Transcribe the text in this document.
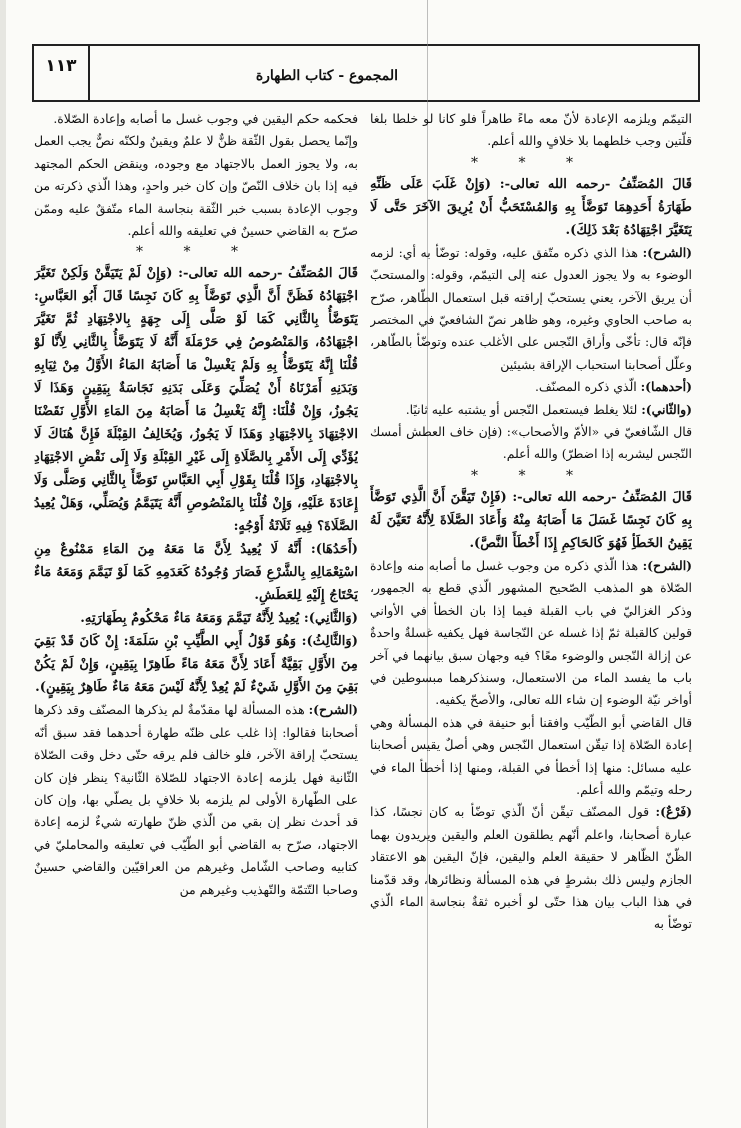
١١٣	المجموع - كتاب الطهارة

التيمّم ويلزمه الإعادة لأنّ معه ماءً طاهراً فلو كانا لو خلطا بلغا قلّتين وجب خلطهما بلا خلافٍ والله أعلم.

* * *

قَالَ المُصَنِّفُ -رحمه الله تعالى-: (وَإِنْ غَلَبَ عَلَى ظَنِّهِ طَهَارَةُ أَحَدِهِمَا تَوَضَّأَ بِهِ وَالمُسْتَحَبُّ أَنْ يُرِيقَ الآخَرَ حَتَّى لَا يَتَغَيَّرَ اجْتِهَادُهُ بَعْدَ ذَلِكَ).

(الشرح): هذا الذي ذكره متّفق عليه، وقوله: توضّأ به أي: لزمه الوضوء به ولا يجوز العدول عنه إلى التيمّم، وقوله: والمستحبّ أن يريق الآخر، يعني يستحبّ إراقته قبل استعمال الطّاهر، صرّح به صاحب الحاوي وغيره، وهو ظاهر نصّ الشافعيّ في المختصر فإنّه قال: تأخّى وأراق النّجس على الأغلب عنده وتوضّأ بالطّاهر، وعلّل أصحابنا استحباب الإراقة بشيئين

(أحدهما): الّذي ذكره المصنّف.

(والثّاني): لئلا يغلط فيستعمل النّجس أو يشتبه عليه ثانيًا.

قال الشّافعيّ في «الأمّ والأصحاب»: (فإن خاف العطش أمسك النّجس ليشربه إذا اضطرّ) والله أعلم.

* * *

قَالَ المُصَنِّفُ -رحمه الله تعالى-: (فَإِنْ تَيَقَّنَ أَنَّ الَّذِي تَوَضَّأَ بِهِ كَانَ نَجِسًا غَسَلَ مَا أَصَابَهُ مِنْهُ وَأَعَادَ الصَّلَاةَ لِأَنَّهُ تَعَيَّنَ لَهُ يَقِينُ الخَطَأِ فَهُوَ كَالحَاكِمِ إِذَا أَخْطَأَ النَّصَّ).

(الشرح): هذا الّذي ذكره من وجوب غسل ما أصابه منه وإعادة الصّلاة هو المذهب الصّحيح المشهور الّذي قطع به الجمهور، وذكر الغزاليّ في باب القبلة فيما إذا بان الخطأ في الأواني قولين كالقبلة ثمّ إذا غسله عن النّجاسة فهل يكفيه غسلةٌ واحدةٌ عن إزالة النّجس والوضوء معًا؟ فيه وجهان سبق بيانهما في آخر باب ما يفسد الماء من الاستعمال، وسنذكرهما مبسوطين في أواخر نيّة الوضوء إن شاء الله تعالى، والأصحّ يكفيه.

قال القاضي أبو الطّيّب وافقنا أبو حنيفة في هذه المسألة وهي إعادة الصّلاة إذا تيقّن استعمال النّجس وهي أصلٌ يقيس أصحابنا عليه مسائل: منها إذا أخطأ في القبلة، ومنها إذا أخطأ الماء في رحله وتيمّم والله أعلم.

(فَرْعٌ): قول المصنّف تيقّن أنّ الّذي توضّأ به كان نجسًا، كذا عبارة أصحابنا، واعلم أنّهم يطلقون العلم واليقين ويريدون بهما الظّنّ الظّاهر لا حقيقة العلم واليقين، فإنّ اليقين هو الاعتقاد الجازم وليس ذلك بشرطٍ في هذه المسألة ونظائرها، وقد قدّمنا في هذا الباب بيان هذا حتّى لو أخبره ثقةٌ بنجاسة الماء الّذي توضّأ به

فحكمه حكم اليقين في وجوب غسل ما أصابه وإعادة الصّلاة.

وإنّما يحصل بقول الثّقة ظنٌّ لا علمٌ ويقينٌ ولكنّه نصٌّ يجب العمل به، ولا يجوز العمل بالاجتهاد مع وجوده، وينقض الحكم المجتهد فيه إذا بان خلاف النّصّ وإن كان خبر واحدٍ، وهذا الّذي ذكرته من وجوب الإعادة بسبب خبر الثّقة بنجاسة الماء متّفقٌ عليه وممّن صرّح به القاضي حسينٌ في تعليقه والله أعلم.

* * *

قَالَ المُصَنِّفُ -رحمه الله تعالى-: (وَإِنْ لَمْ يَتَيَقَّنْ وَلَكِنْ تَغَيَّرَ اجْتِهَادُهُ فَظَنَّ أَنَّ الَّذِي تَوَضَّأَ بِهِ كَانَ نَجِسًا قَالَ أَبُو العَبَّاسِ: يَتَوَضَّأُ بِالثَّانِي كَمَا لَوْ صَلَّى إِلَى جِهَةٍ بِالاجْتِهَادِ ثُمَّ تَغَيَّرَ اجْتِهَادُهُ، وَالمَنْصُوصُ فِي حَرْمَلَةَ أَنَّهُ لَا يَتَوَضَّأُ بِالثَّانِي لِأَنَّا لَوْ قُلْنَا إِنَّهُ يَتَوَضَّأُ بِهِ وَلَمْ يَغْسِلْ مَا أَصَابَهُ المَاءُ الأَوَّلُ مِنْ ثِيَابِهِ وَبَدَنِهِ أَمَرْنَاهُ أَنْ يُصَلِّيَ وَعَلَى بَدَنِهِ نَجَاسَةٌ بِيَقِينٍ وَهَذَا لَا يَجُوزُ، وَإِنْ قُلْنَا: إِنَّهُ يَغْسِلُ مَا أَصَابَهُ مِنَ المَاءِ الأَوَّلِ نَقَضْنَا الاجْتِهَادَ بِالاجْتِهَادِ وَهَذَا لَا يَجُوزُ، وَيُخَالِفُ القِبْلَةَ فَإِنَّ هُنَاكَ لَا يُؤَدِّي إِلَى الأَمْرِ بِالصَّلَاةِ إِلَى غَيْرِ القِبْلَةِ وَلَا إِلَى نَقْضِ الاجْتِهَادِ بِالاجْتِهَادِ، وَإِذَا قُلْنَا بِقَوْلِ أَبِي العَبَّاسِ تَوَضَّأَ بِالثَّانِي وَصَلَّى وَلَا إِعَادَةَ عَلَيْهِ، وَإِنْ قُلْنَا بِالمَنْصُوصِ أَنَّهُ يَتَيَمَّمُ وَيُصَلِّي، وَهَلْ يُعِيدُ الصَّلَاةَ؟ فِيهِ ثَلَاثَةُ أَوْجُهٍ:

(أَحَدُهَا): أَنَّهُ لَا يُعِيدُ لِأَنَّ مَا مَعَهُ مِنَ المَاءِ مَمْنُوعٌ مِنِ اسْتِعْمَالِهِ بِالشَّرْعِ فَصَارَ وُجُودُهُ كَعَدَمِهِ كَمَا لَوْ تَيَمَّمَ وَمَعَهُ مَاءٌ يَحْتَاجُ إِلَيْهِ لِلعَطَشِ.

(وَالثَّانِي): يُعِيدُ لِأَنَّهُ تَيَمَّمَ وَمَعَهُ مَاءٌ مَحْكُومٌ بِطَهَارَتِهِ.

(وَالثَّالِثُ): وَهُوَ قَوْلُ أَبِي الطَّيِّبِ بْنِ سَلَمَةَ: إِنْ كَانَ قَدْ بَقِيَ مِنَ الأَوَّلِ بَقِيَّةٌ أَعَادَ لِأَنَّ مَعَهُ مَاءً طَاهِرًا بِيَقِينٍ، وَإِنْ لَمْ يَكُنْ بَقِيَ مِنَ الأَوَّلِ شَيْءٌ لَمْ يُعِدْ لِأَنَّهُ لَيْسَ مَعَهُ مَاءٌ طَاهِرٌ بِيَقِينٍ).

(الشرح): هذه المسألة لها مقدّمةٌ لم يذكرها المصنّف وقد ذكرها أصحابنا فقالوا: إذا غلب على ظنّه طهارة أحدهما فقد سبق أنّه يستحبّ إراقة الآخر، فلو خالف فلم يرقه حتّى دخل وقت الصّلاة الثّانية فهل يلزمه إعادة الاجتهاد للصّلاة الثّانية؟ ينظر فإن كان على الطّهارة الأولى لم يلزمه بلا خلافٍ بل يصلّي بها، وإن كان قد أحدث نظر إن بقي من الّذي ظنّ طهارته شيءٌ لزمه إعادة الاجتهاد، صرّح به القاضي أبو الطّيّب في تعليقه والمحامليّ في كتابيه وصاحب الشّامل وغيرهم من العراقيّين والقاضي حسينٌ وصاحبا التّتمّة والتّهذيب وغيرهم من
